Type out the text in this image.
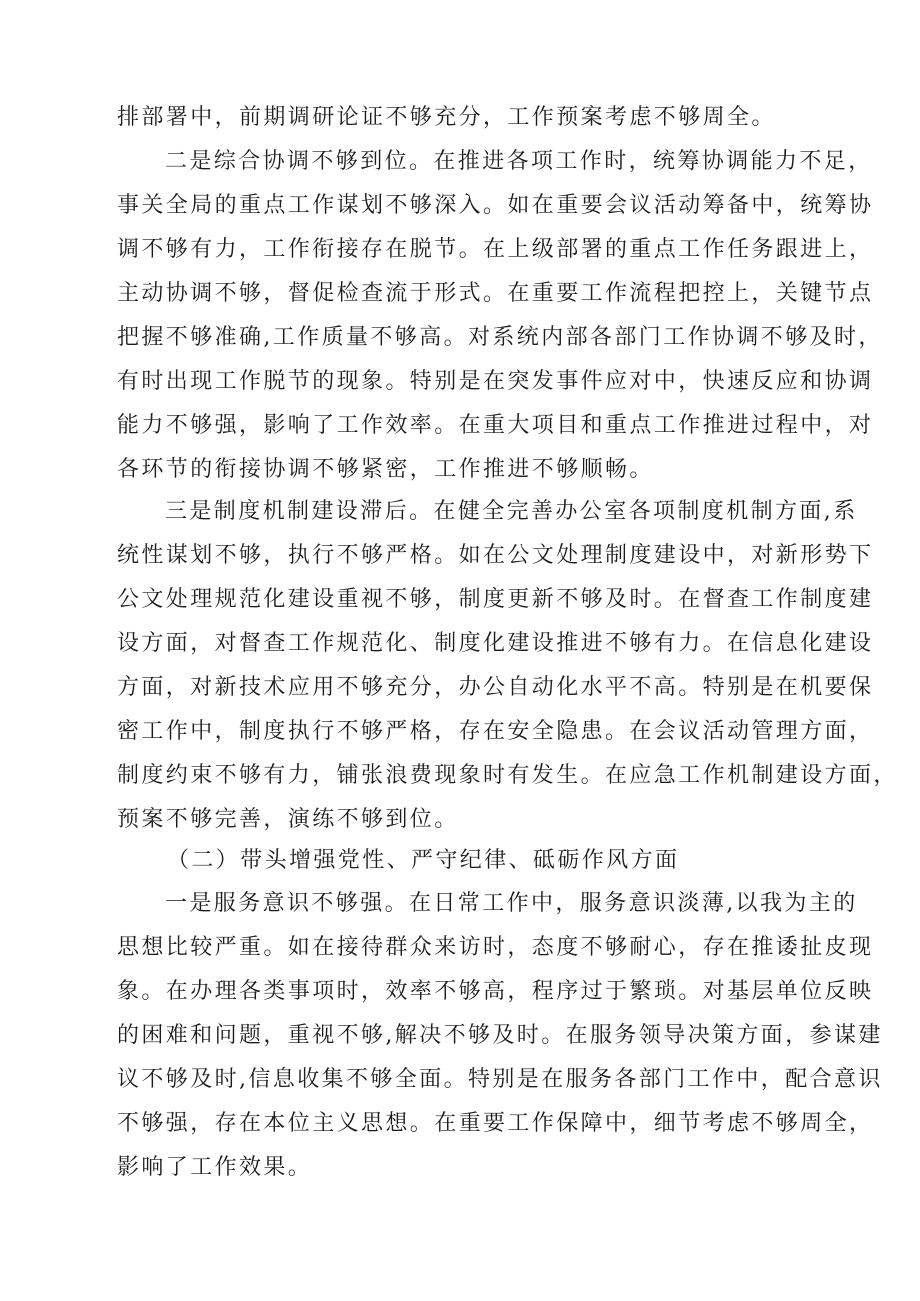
排部署中，前期调研论证不够充分，工作预案考虑不够周全。
二是综合协调不够到位。在推进各项工作时，统筹协调能力不足，
事关全局的重点工作谋划不够深入。如在重要会议活动筹备中，统筹协
调不够有力，工作衔接存在脱节。在上级部署的重点工作任务跟进上，
主动协调不够，督促检查流于形式。在重要工作流程把控上，关键节点
把握不够准确,工作质量不够高。对系统内部各部门工作协调不够及时，
有时出现工作脱节的现象。特别是在突发事件应对中，快速反应和协调
能力不够强，影响了工作效率。在重大项目和重点工作推进过程中，对
各环节的衔接协调不够紧密，工作推进不够顺畅。
三是制度机制建设滞后。在健全完善办公室各项制度机制方面,系
统性谋划不够，执行不够严格。如在公文处理制度建设中，对新形势下
公文处理规范化建设重视不够，制度更新不够及时。在督查工作制度建
设方面，对督查工作规范化、制度化建设推进不够有力。在信息化建设
方面，对新技术应用不够充分，办公自动化水平不高。特别是在机要保
密工作中，制度执行不够严格，存在安全隐患。在会议活动管理方面，
制度约束不够有力，铺张浪费现象时有发生。在应急工作机制建设方面，
预案不够完善，演练不够到位。
（二）带头增强党性、严守纪律、砥砺作风方面
一是服务意识不够强。在日常工作中，服务意识淡薄,以我为主的
思想比较严重。如在接待群众来访时，态度不够耐心，存在推诿扯皮现
象。在办理各类事项时，效率不够高，程序过于繁琐。对基层单位反映
的困难和问题，重视不够,解决不够及时。在服务领导决策方面，参谋建
议不够及时,信息收集不够全面。特别是在服务各部门工作中，配合意识
不够强，存在本位主义思想。在重要工作保障中，细节考虑不够周全，
影响了工作效果。
